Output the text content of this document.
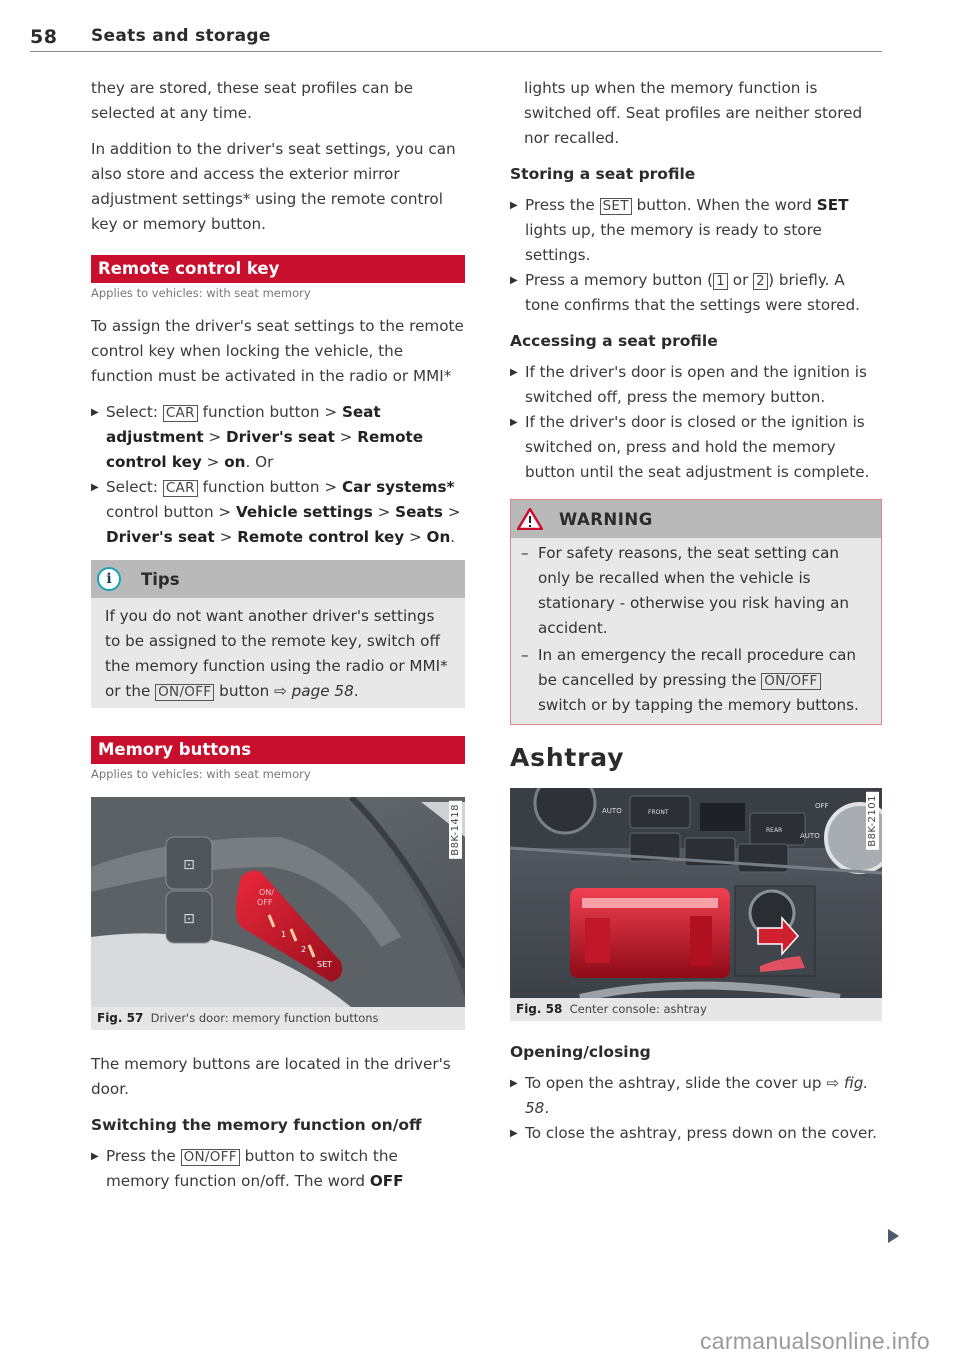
58 Seats and storage

they are stored, these seat profiles can be selected at any time.

In addition to the driver's seat settings, you can also store and access the exterior mirror adjustment settings* using the remote control key or memory button.

Remote control key
Applies to vehicles: with seat memory

To assign the driver's seat settings to the remote control key when locking the vehicle, the function must be activated in the radio or MMI*

▶ Select: CAR function button > Seat adjustment > Driver's seat > Remote control key > on. Or
▶ Select: CAR function button > Car systems* control button > Vehicle settings > Seats > Driver's seat > Remote control key > On.
i	Tips
If you do not want another driver's settings to be assigned to the remote key, switch off the memory function using the radio or MMI* or the ON/OFF button ⇨ page 58.
Memory buttons
Applies to vehicles: with seat memory
⊡
⊡
ON/
OFF
1
2
SET
B8K-1418
Fig. 57 Driver's door: memory function buttons

The memory buttons are located in the driver's door.

Switching the memory function on/off
▶ Press the ON/OFF button to switch the memory function on/off. The word OFF

lights up when the memory function is switched off. Seat profiles are neither stored nor recalled.

Storing a seat profile
▶ Press the SET button. When the word SET lights up, the memory is ready to store settings.
▶ Press a memory button ( 1 or 2 ) briefly. A tone confirms that the settings were stored.
Accessing a seat profile
▶ If the driver's door is open and the ignition is switched off, press the memory button.
▶ If the driver's door is closed or the ignition is switched on, press and hold the memory button until the seat adjustment is complete.
WARNING
– For safety reasons, the seat setting can only be recalled when the vehicle is stationary - otherwise you risk having an accident.
– In an emergency the recall procedure can be cancelled by pressing the ON/OFF switch or by tapping the memory buttons.
Ashtray
AUTO	FRONT
REAR
AUTO
OFF	B8K-2101
Fig. 58 Center console: ashtray
Opening/closing
▶ To open the ashtray, slide the cover up ⇨ fig. 58.
▶ To close the ashtray, press down on the cover.
carmanualsonline.info
